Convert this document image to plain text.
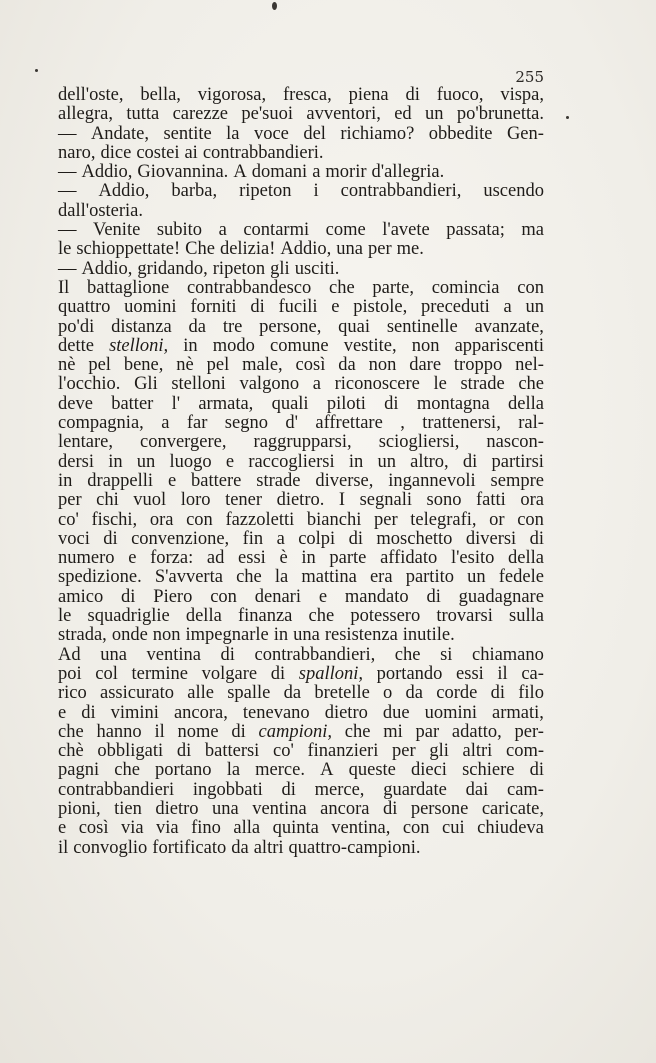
255
dell'oste, bella, vigorosa, fresca, piena di fuoco, vispa,
allegra, tutta carezze pe'suoi avventori, ed un po'brunetta.
— Andate, sentite la voce del richiamo? obbedite Gen-
naro, dice costei ai contrabbandieri.
— Addio, Giovannina. A domani a morir d'allegria.
— Addio, barba, ripeton i contrabbandieri, uscendo
dall'osteria.
— Venite subito a contarmi come l'avete passata; ma
le schioppettate! Che delizia! Addio, una per me.
— Addio, gridando, ripeton gli usciti.
Il battaglione contrabbandesco che parte, comincia con
quattro uomini forniti di fucili e pistole, preceduti a un
po'di distanza da tre persone, quai sentinelle avanzate,
dette stelloni, in modo comune vestite, non appariscenti
nè pel bene, nè pel male, così da non dare troppo nel-
l'occhio. Gli stelloni valgono a riconoscere le strade che
deve batter l' armata, quali piloti di montagna della
compagnia, a far segno d' affrettare , trattenersi, ral-
lentare, convergere, raggrupparsi, sciogliersi, nascon-
dersi in un luogo e raccogliersi in un altro, di partirsi
in drappelli e battere strade diverse, ingannevoli sempre
per chi vuol loro tener dietro. I segnali sono fatti ora
co' fischi, ora con fazzoletti bianchi per telegrafi, or con
voci di convenzione, fin a colpi di moschetto diversi di
numero e forza: ad essi è in parte affidato l'esito della
spedizione. S'avverta che la mattina era partito un fedele
amico di Piero con denari e mandato di guadagnare
le squadriglie della finanza che potessero trovarsi sulla
strada, onde non impegnarle in una resistenza inutile.
Ad una ventina di contrabbandieri, che si chiamano
poi col termine volgare di spalloni, portando essi il ca-
rico assicurato alle spalle da bretelle o da corde di filo
e di vimini ancora, tenevano dietro due uomini armati,
che hanno il nome di campioni, che mi par adatto, per-
chè obbligati di battersi co' finanzieri per gli altri com-
pagni che portano la merce. A queste dieci schiere di
contrabbandieri ingobbati di merce, guardate dai cam-
pioni, tien dietro una ventina ancora di persone caricate,
e così via via fino alla quinta ventina, con cui chiudeva
il convoglio fortificato da altri quattro-campioni.
